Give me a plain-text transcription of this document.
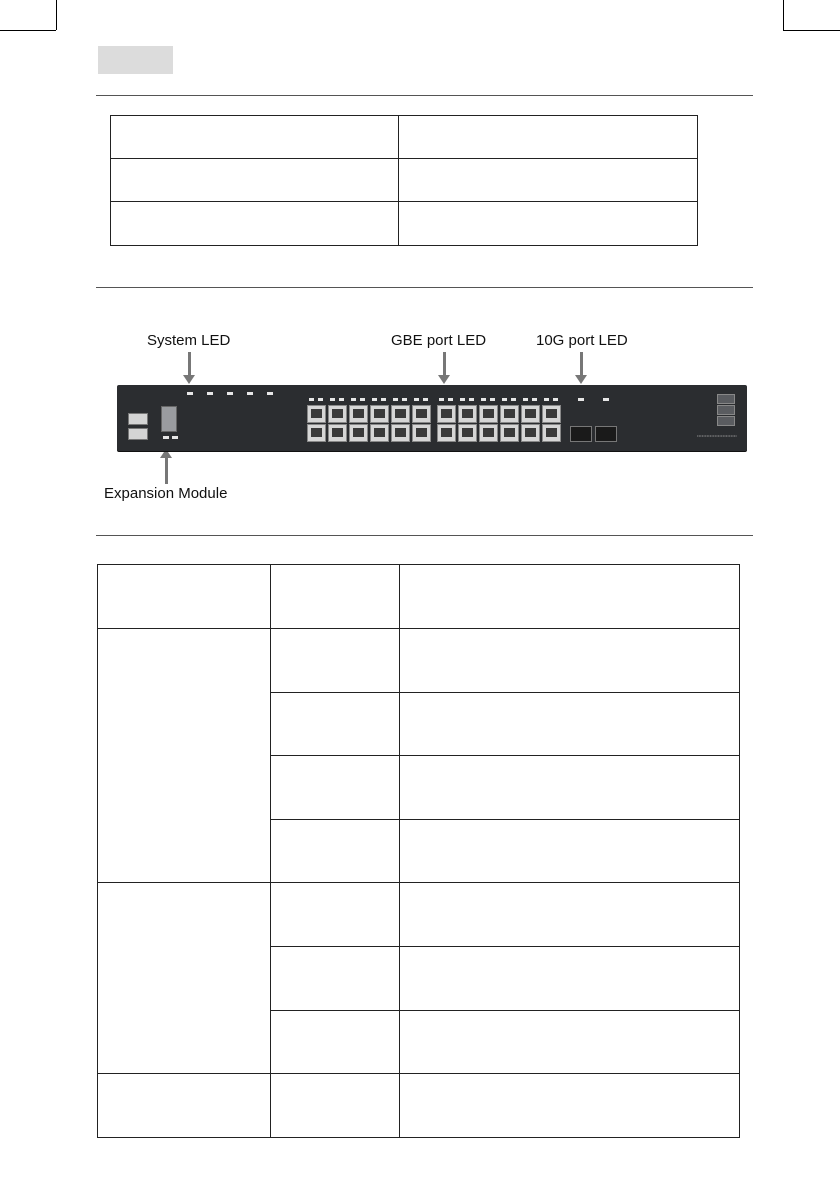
System LED	GBE port LED	10G port LED
Expansion Module
•••••••••••••••••••••••••
